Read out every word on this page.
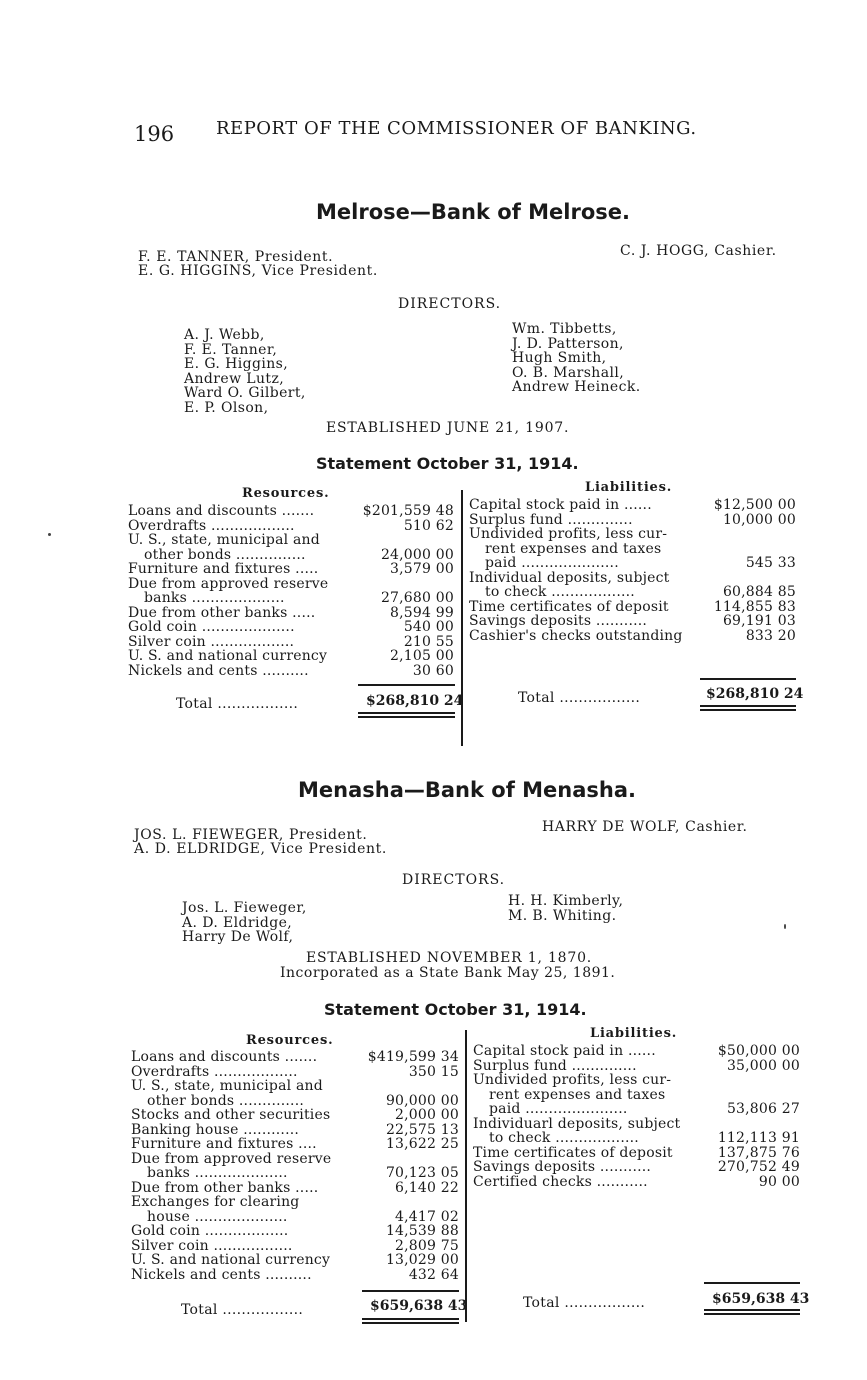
196 REPORT OF THE COMMISSIONER OF BANKING.
Melrose—Bank of Melrose.
F. E. TANNER, President.
E. G. HIGGINS, Vice President.
C. J. HOGG, Cashier.
DIRECTORS.
A. J. Webb,
F. E. Tanner,
E. G. Higgins,
Andrew Lutz,
Ward O. Gilbert,
E. P. Olson,
Wm. Tibbetts,
J. D. Patterson,
Hugh Smith,
O. B. Marshall,
Andrew Heineck.
ESTABLISHED JUNE 21, 1907.
Statement October 31, 1914.
Resources.	Liabilities.
Loans and discounts .......	$201,559 48
Overdrafts ..................	510 62
U. S., state, municipal and
other bonds ...............	24,000 00
Furniture and fixtures .....	3,579 00
Due from approved reserve
banks ....................	27,680 00
Due from other banks .....	8,594 99
Gold coin ....................	540 00
Silver coin ..................	210 55
U. S. and national currency	2,105 00
Nickels and cents ..........	30 60
Capital stock paid in ......	$12,500 00
Surplus fund ..............	10,000 00
Undivided profits, less cur-
rent expenses and taxes
paid .....................	545 33
Individual deposits, subject
to check ..................	60,884 85
Time certificates of deposit	114,855 83
Savings deposits ...........	69,191 03
Cashier's checks outstanding	833 20
Total .................	$268,810 24	Total .................	$268,810 24
Menasha—Bank of Menasha.
JOS. L. FIEWEGER, President.
A. D. ELDRIDGE, Vice President.
HARRY DE WOLF, Cashier.
DIRECTORS.
Jos. L. Fieweger,
A. D. Eldridge,
Harry De Wolf,
H. H. Kimberly,
M. B. Whiting.
ESTABLISHED NOVEMBER 1, 1870.
Incorporated as a State Bank May 25, 1891.
Statement October 31, 1914.
Resources.	Liabilities.
Loans and discounts .......	$419,599 34
Overdrafts ..................	350 15
U. S., state, municipal and
other bonds ..............	90,000 00
Stocks and other securities	2,000 00
Banking house ............	22,575 13
Furniture and fixtures ....	13,622 25
Due from approved reserve
banks ....................	70,123 05
Due from other banks .....	6,140 22
Exchanges for clearing
house ....................	4,417 02
Gold coin ..................	14,539 88
Silver coin .................	2,809 75
U. S. and national currency	13,029 00
Nickels and cents ..........	432 64
Capital stock paid in ......	$50,000 00
Surplus fund ..............	35,000 00
Undivided profits, less cur-
rent expenses and taxes
paid ......................	53,806 27
Individuarl deposits, subject
to check ..................	112,113 91
Time certificates of deposit	137,875 76
Savings deposits ...........	270,752 49
Certified checks ...........	90 00
Total .................	$659,638 43	Total .................	$659,638 43
